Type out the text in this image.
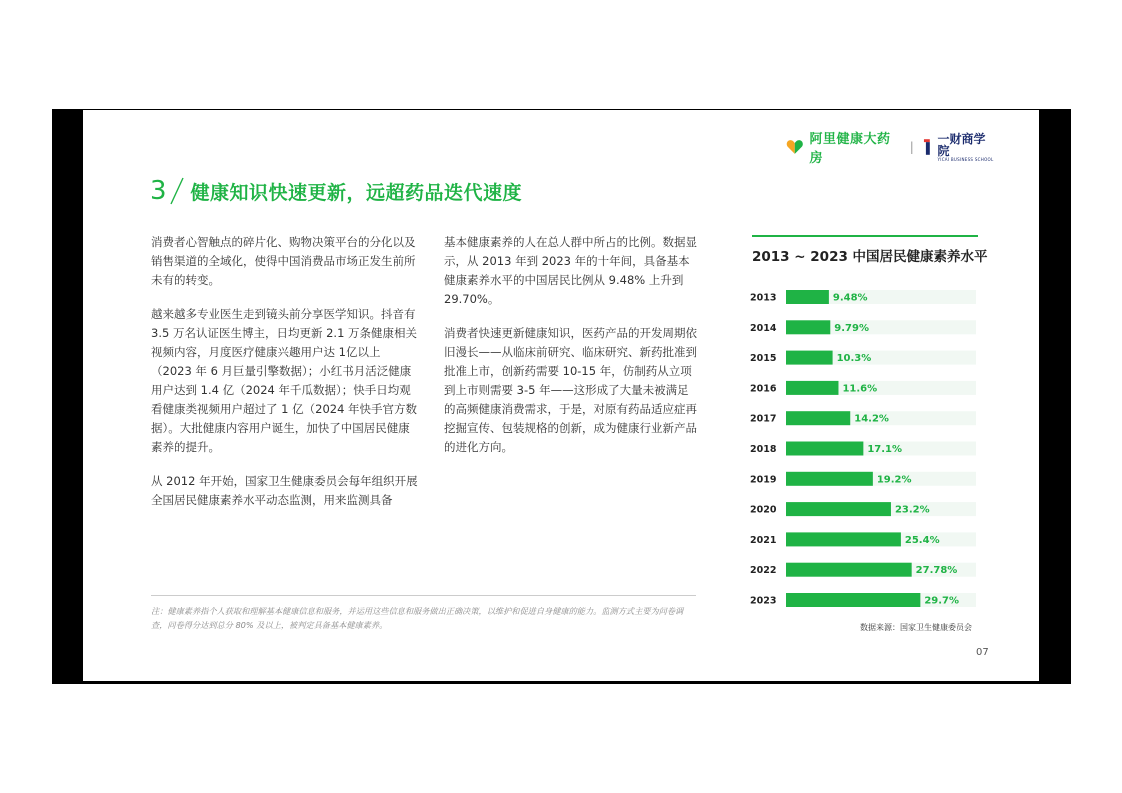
阿里健康大药房
|
一财商学院
YICAI BUSINESS SCHOOL
3 健康知识快速更新，远超药品迭代速度

消费者心智触点的碎片化、购物决策平台的分化以及销售渠道的全域化，使得中国消费品市场正发生前所未有的转变。

越来越多专业医生走到镜头前分享医学知识。抖音有 3.5 万名认证医生博主，日均更新 2.1 万条健康相关视频内容，月度医疗健康兴趣用户达 1亿以上（2023 年 6 月巨量引擎数据）；小红书月活泛健康用户达到 1.4 亿（2024 年千瓜数据）；快手日均观看健康类视频用户超过了 1 亿（2024 年快手官方数据）。大批健康内容用户诞生，加快了中国居民健康素养的提升。

从 2012 年开始，国家卫生健康委员会每年组织开展全国居民健康素养水平动态监测，用来监测具备

基本健康素养的人在总人群中所占的比例。数据显示，从 2013 年到 2023 年的十年间，具备基本健康素养水平的中国居民比例从 9.48% 上升到 29.70%。

消费者快速更新健康知识，医药产品的开发周期依旧漫长——从临床前研究、临床研究、新药批准到批准上市，创新药需要 10-15 年，仿制药从立项到上市则需要 3-5 年——这形成了大量未被满足的高频健康消费需求，于是，对原有药品适应症再挖掘宣传、包装规格的创新，成为健康行业新产品的进化方向。

注：健康素养指个人获取和理解基本健康信息和服务，并运用这些信息和服务做出正确决策，以维护和促进自身健康的能力。监测方式主要为问卷调查，问卷得分达到总分 80% 及以上，被判定具备基本健康素养。
2013 ~ 2023 中国居民健康素养水平
2013	9.48%
2014	9.79%
2015	10.3%
2016	11.6%
2017	14.2%
2018	17.1%
2019	19.2%
2020	23.2%
2021	25.4%
2022	27.78%
2023	29.7%
数据来源：国家卫生健康委员会
07
